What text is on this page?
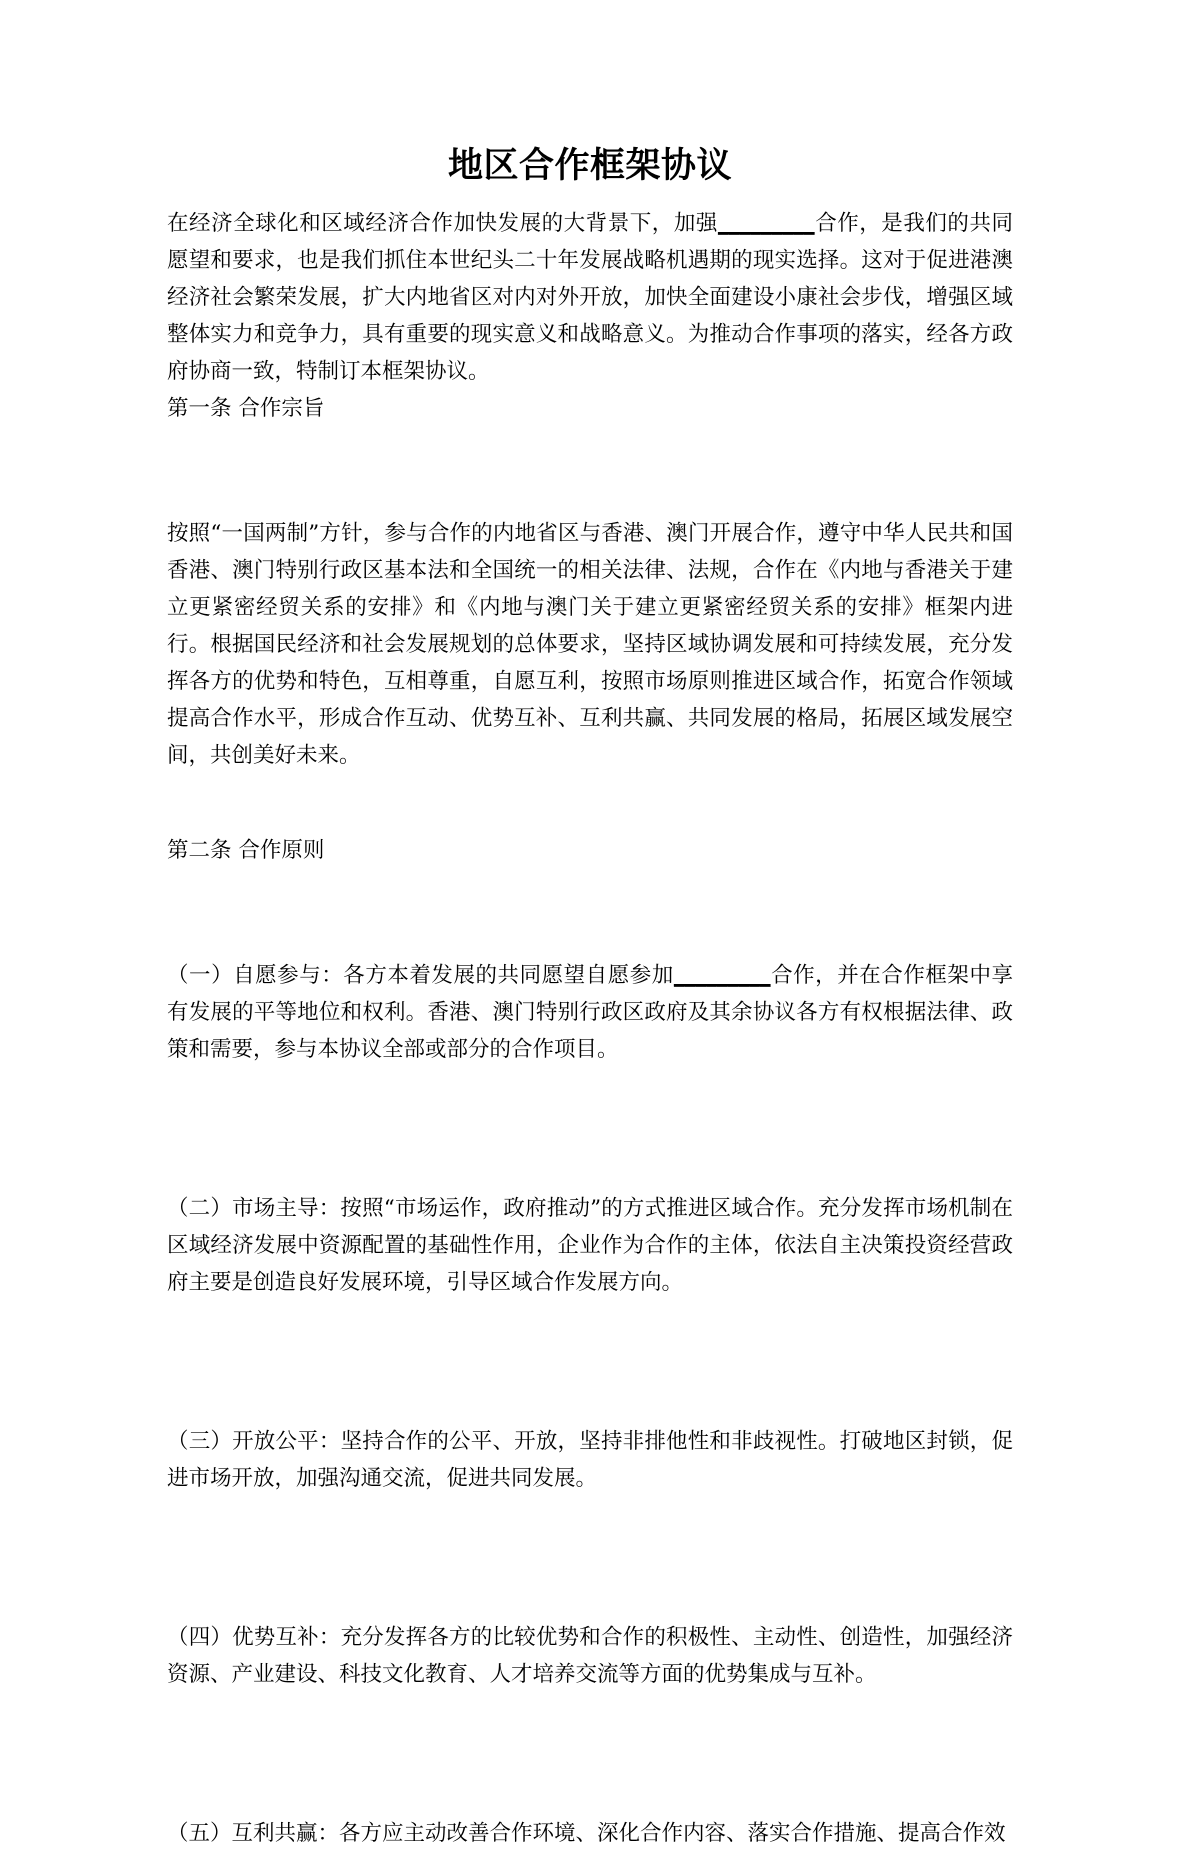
地区合作框架协议

在经济全球化和区域经济合作加快发展的大背景下，加强_________合作，是我们的共同愿望和要求，也是我们抓住本世纪头二十年发展战略机遇期的现实选择。这对于促进港澳经济社会繁荣发展，扩大内地省区对内对外开放，加快全面建设小康社会步伐，增强区域整体实力和竞争力，具有重要的现实意义和战略意义。为推动合作事项的落实，经各方政府协商一致，特制订本框架协议。

第一条 合作宗旨

按照“一国两制”方针，参与合作的内地省区与香港、澳门开展合作，遵守中华人民共和国香港、澳门特别行政区基本法和全国统一的相关法律、法规，合作在《内地与香港关于建立更紧密经贸关系的安排》和《内地与澳门关于建立更紧密经贸关系的安排》框架内进行。根据国民经济和社会发展规划的总体要求，坚持区域协调发展和可持续发展，充分发挥各方的优势和特色，互相尊重，自愿互利，按照市场原则推进区域合作，拓宽合作领域提高合作水平，形成合作互动、优势互补、互利共赢、共同发展的格局，拓展区域发展空间，共创美好未来。

第二条 合作原则

（一）自愿参与：各方本着发展的共同愿望自愿参加_________合作，并在合作框架中享有发展的平等地位和权利。香港、澳门特别行政区政府及其余协议各方有权根据法律、政策和需要，参与本协议全部或部分的合作项目。

（二）市场主导：按照“市场运作，政府推动”的方式推进区域合作。充分发挥市场机制在区域经济发展中资源配置的基础性作用，企业作为合作的主体，依法自主决策投资经营政府主要是创造良好发展环境，引导区域合作发展方向。

（三）开放公平：坚持合作的公平、开放，坚持非排他性和非歧视性。打破地区封锁，促进市场开放，加强沟通交流，促进共同发展。

（四）优势互补：充分发挥各方的比较优势和合作的积极性、主动性、创造性，加强经济资源、产业建设、科技文化教育、人才培养交流等方面的优势集成与互补。

（五）互利共赢：各方应主动改善合作环境、深化合作内容、落实合作措施、提高合作效
